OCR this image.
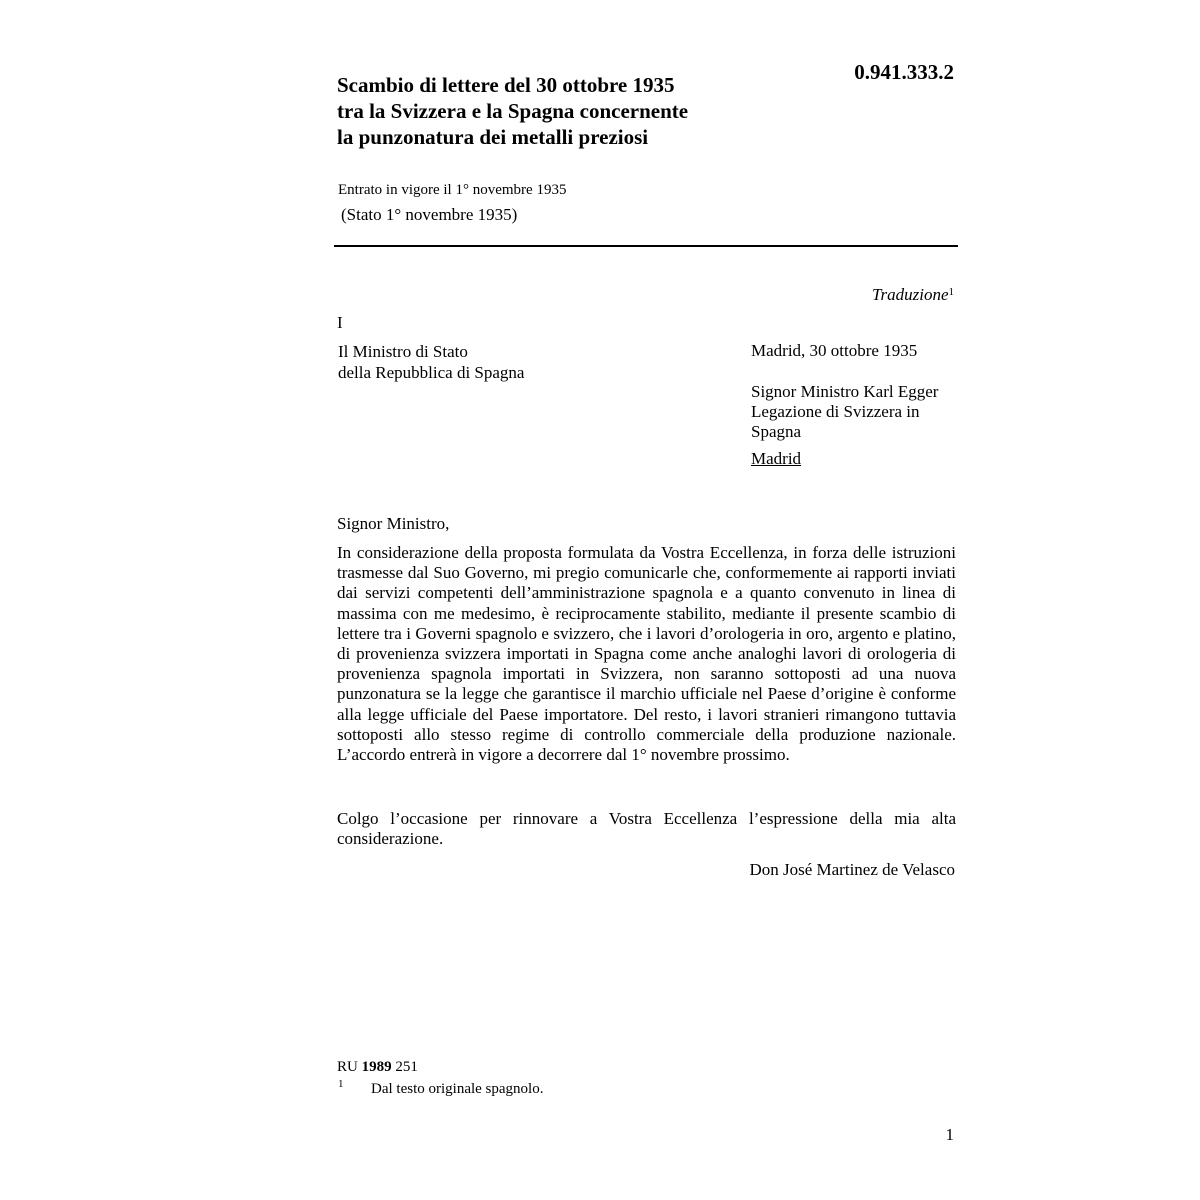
Scambio di lettere del 30 ottobre 1935
tra la Svizzera e la Spagna concernente
la punzonatura dei metalli preziosi
0.941.333.2
Entrato in vigore il 1° novembre 1935
(Stato 1° novembre 1935)
Traduzione$^1$
I
Il Ministro di Stato
della Repubblica di Spagna
Madrid, 30 ottobre 1935
Signor Ministro Karl Egger
Legazione di Svizzera in
Spagna
Madrid
Signor Ministro,
In considerazione della proposta formulata da Vostra Eccellenza, in forza delle istruzioni trasmesse dal Suo Governo, mi pregio comunicarle che, conformemente ai rapporti inviati dai servizi competenti dell’amministrazione spagnola e a quanto convenuto in linea di massima con me medesimo, è reciprocamente stabilito, mediante il presente scambio di lettere tra i Governi spagnolo e svizzero, che i lavori d’orologeria in oro, argento e platino, di provenienza svizzera importati in Spagna come anche analoghi lavori di orologeria di provenienza spagnola importati in Svizzera, non saranno sottoposti ad una nuova punzonatura se la legge che garantisce il marchio ufficiale nel Paese d’origine è conforme alla legge ufficiale del Paese importatore. Del resto, i lavori stranieri rimangono tuttavia sottoposti allo stesso regime di controllo commerciale della produzione nazionale. L’accordo entrerà in vigore a decorrere dal 1° novembre prossimo.
Colgo l’occasione per rinnovare a Vostra Eccellenza l’espressione della mia alta considerazione.
Don José Martinez de Velasco
RU 1989 251
1 Dal testo originale spagnolo.
1
